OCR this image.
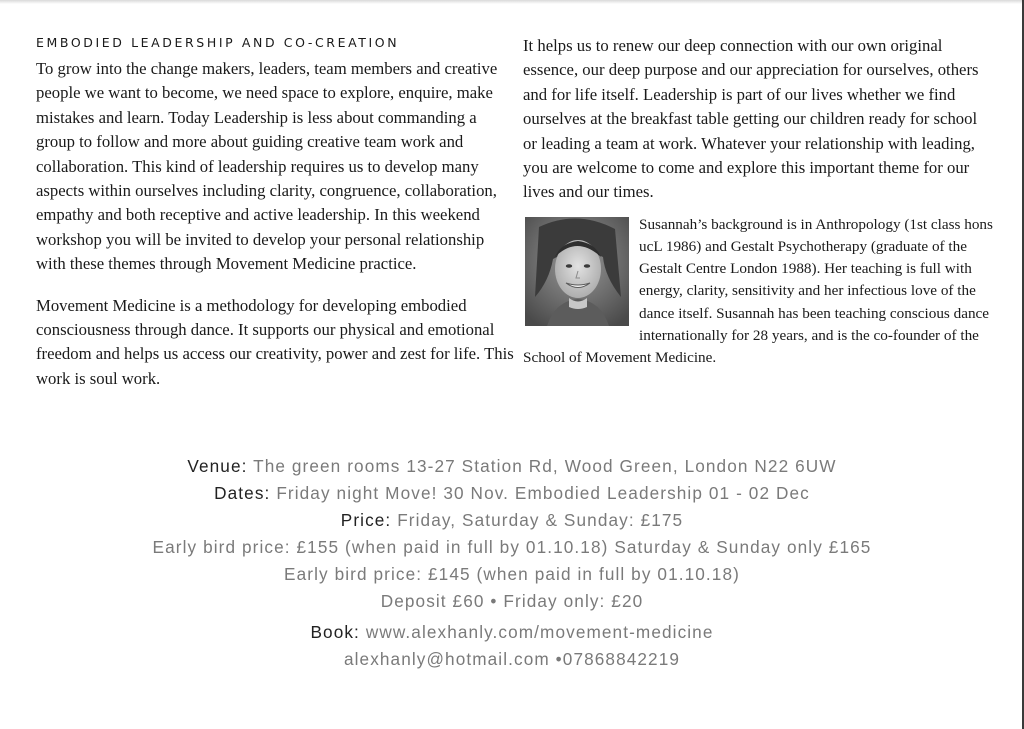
EMBODIED LEADERSHIP AND CO-CREATION

To grow into the change makers, leaders, team members and creative people we want to become, we need space to explore, enquire, make mistakes and learn. Today Leadership is less about commanding a group to follow and more about guiding creative team work and collaboration. This kind of leadership requires us to develop many aspects within ourselves including clarity, congruence, collaboration, empathy and both receptive and active leadership. In this weekend workshop you will be invited to develop your personal relationship with these themes through Movement Medicine practice.

Movement Medicine is a methodology for developing embodied consciousness through dance. It supports our physical and emotional freedom and helps us access our creativity, power and zest for life. This work is soul work.

It helps us to renew our deep connection with our own original essence, our deep purpose and our appreciation for ourselves, others and for life itself. Leadership is part of our lives whether we find ourselves at the breakfast table getting our children ready for school or leading a team at work. Whatever your relationship with leading, you are welcome to come and explore this important theme for our lives and our times.

Susannah’s background is in Anthropology (1st class hons ucL 1986) and Gestalt Psychotherapy (graduate of the Gestalt Centre London 1988). Her teaching is full with energy, clarity, sensitivity and her infectious love of the dance itself. Susannah has been teaching conscious dance internationally for 28 years, and is the co-founder of the School of Movement Medicine.
Venue: The green rooms 13-27 Station Rd, Wood Green, London N22 6UW
Dates: Friday night Move! 30 Nov. Embodied Leadership 01 - 02 Dec
Price: Friday, Saturday & Sunday: £175
Early bird price: £155 (when paid in full by 01.10.18) Saturday & Sunday only £165
Early bird price: £145 (when paid in full by 01.10.18)
Deposit £60 • Friday only: £20
Book: www.alexhanly.com/movement-medicine
alexhanly@hotmail.com •07868842219
